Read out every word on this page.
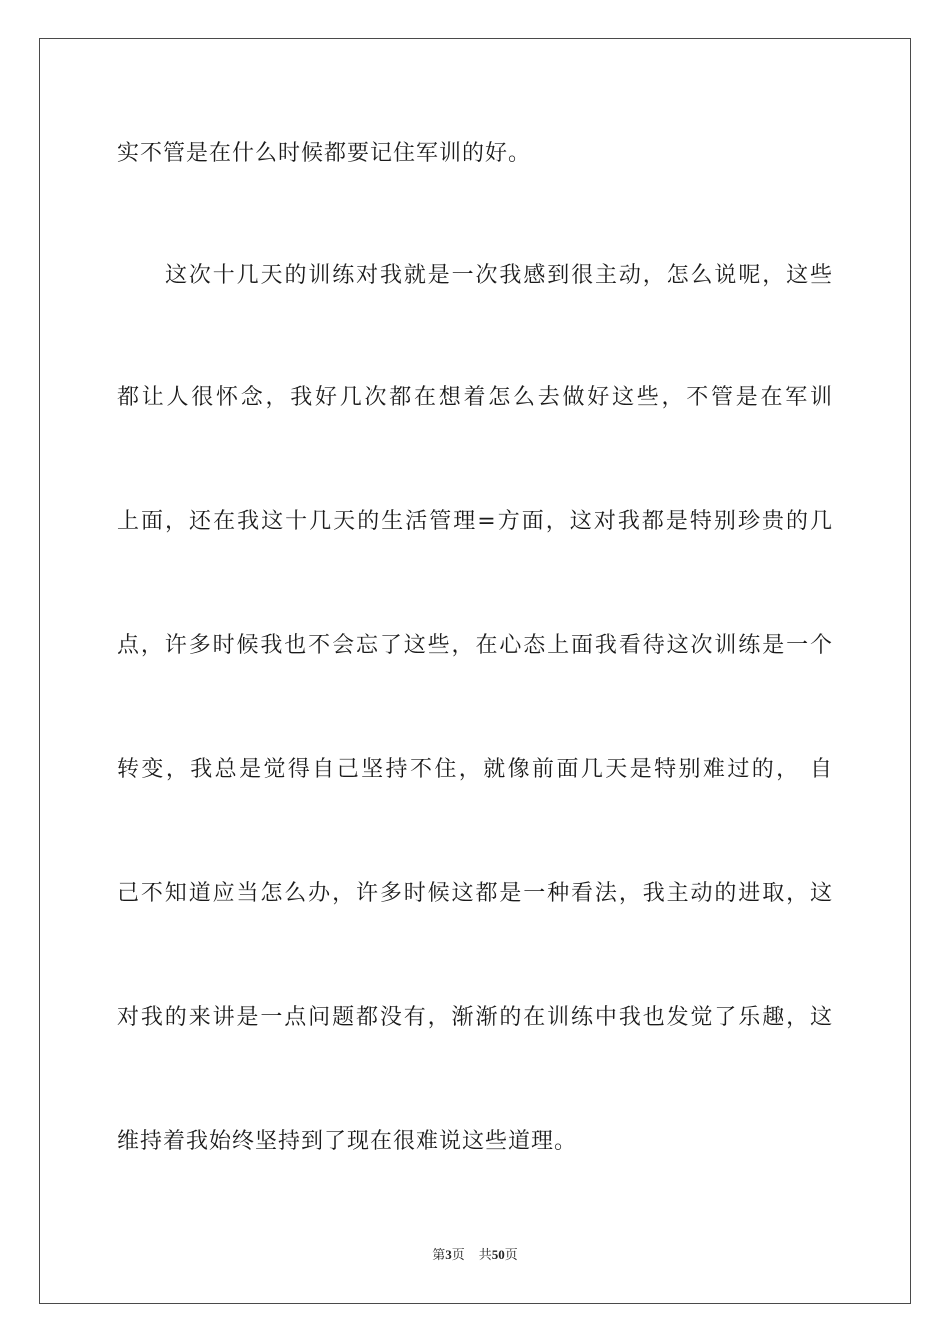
实不管是在什么时候都要记住军训的好。
这次十几天的训练对我就是一次我感到很主动，怎么说呢，这些
都让人很怀念，我好几次都在想着怎么去做好这些，不管是在军训
上面，还在我这十几天的生活管理=方面，这对我都是特别珍贵的几
点，许多时候我也不会忘了这些，在心态上面我看待这次训练是一个
转变，我总是觉得自己坚持不住，就像前面几天是特别难过的， 自
己不知道应当怎么办，许多时候这都是一种看法，我主动的进取，这
对我的来讲是一点问题都没有，渐渐的在训练中我也发觉了乐趣，这
维持着我始终坚持到了现在很难说这些道理。
第3页 共50页
